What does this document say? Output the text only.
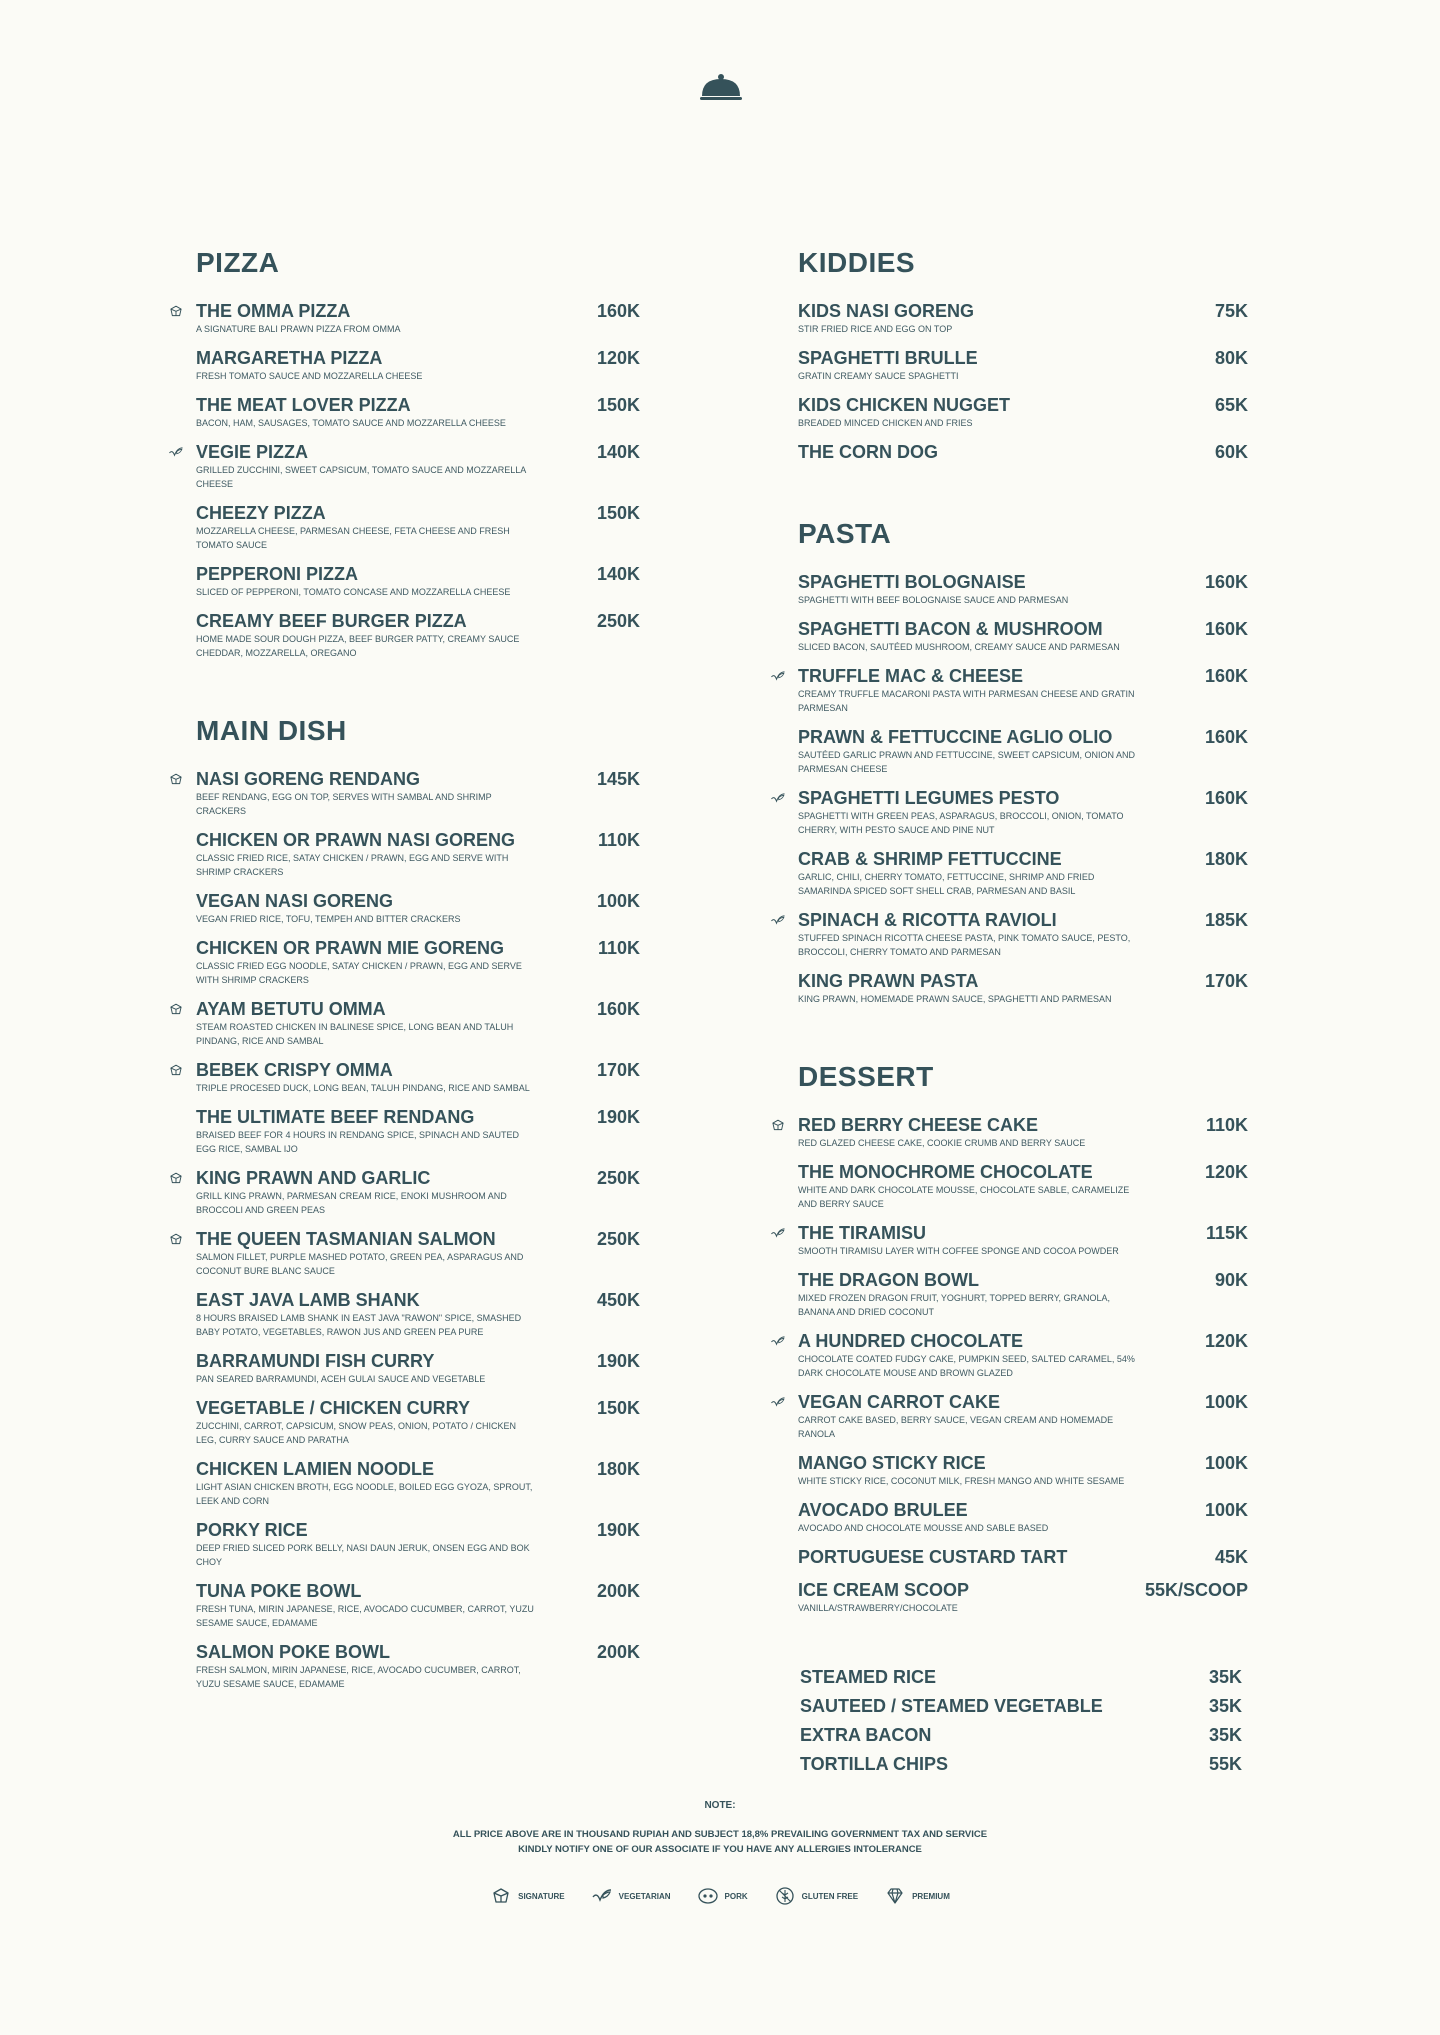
PIZZA
THE OMMA PIZZA	160K
A SIGNATURE BALI PRAWN PIZZA FROM OMMA
MARGARETHA PIZZA	120K
FRESH TOMATO SAUCE AND MOZZARELLA CHEESE
THE MEAT LOVER PIZZA	150K
BACON, HAM, SAUSAGES, TOMATO SAUCE AND MOZZARELLA CHEESE
VEGIE PIZZA	140K
GRILLED ZUCCHINI, SWEET CAPSICUM, TOMATO SAUCE AND MOZZARELLA CHEESE
CHEEZY PIZZA	150K
MOZZARELLA CHEESE, PARMESAN CHEESE, FETA CHEESE AND FRESH TOMATO SAUCE
PEPPERONI PIZZA	140K
SLICED OF PEPPERONI, TOMATO CONCASE AND MOZZARELLA CHEESE
CREAMY BEEF BURGER PIZZA	250K
HOME MADE SOUR DOUGH PIZZA, BEEF BURGER PATTY, CREAMY SAUCE CHEDDAR, MOZZARELLA, OREGANO
MAIN DISH
NASI GORENG RENDANG	145K
BEEF RENDANG, EGG ON TOP, SERVES WITH SAMBAL AND SHRIMP CRACKERS
CHICKEN OR PRAWN NASI GORENG	110K
CLASSIC FRIED RICE, SATAY CHICKEN / PRAWN, EGG AND SERVE WITH SHRIMP CRACKERS
VEGAN NASI GORENG	100K
VEGAN FRIED RICE, TOFU, TEMPEH AND BITTER CRACKERS
CHICKEN OR PRAWN MIE GORENG	110K
CLASSIC FRIED EGG NOODLE, SATAY CHICKEN / PRAWN, EGG AND SERVE WITH SHRIMP CRACKERS
AYAM BETUTU OMMA	160K
STEAM ROASTED CHICKEN IN BALINESE SPICE, LONG BEAN AND TALUH PINDANG, RICE AND SAMBAL
BEBEK CRISPY OMMA	170K
TRIPLE PROCESED DUCK, LONG BEAN, TALUH PINDANG, RICE AND SAMBAL
THE ULTIMATE BEEF RENDANG	190K
BRAISED BEEF FOR 4 HOURS IN RENDANG SPICE, SPINACH AND SAUTED EGG RICE, SAMBAL IJO
KING PRAWN AND GARLIC	250K
GRILL KING PRAWN, PARMESAN CREAM RICE, ENOKI MUSHROOM AND BROCCOLI AND GREEN PEAS
THE QUEEN TASMANIAN SALMON	250K
SALMON FILLET, PURPLE MASHED POTATO, GREEN PEA, ASPARAGUS AND COCONUT BURE BLANC SAUCE
EAST JAVA LAMB SHANK	450K
8 HOURS BRAISED LAMB SHANK IN EAST JAVA "RAWON" SPICE, SMASHED BABY POTATO, VEGETABLES, RAWON JUS AND GREEN PEA PURE
BARRAMUNDI FISH CURRY	190K
PAN SEARED BARRAMUNDI, ACEH GULAI SAUCE AND VEGETABLE
VEGETABLE / CHICKEN CURRY	150K
ZUCCHINI, CARROT, CAPSICUM, SNOW PEAS, ONION, POTATO / CHICKEN LEG, CURRY SAUCE AND PARATHA
CHICKEN LAMIEN NOODLE	180K
LIGHT ASIAN CHICKEN BROTH, EGG NOODLE, BOILED EGG GYOZA, SPROUT, LEEK AND CORN
PORKY RICE	190K
DEEP FRIED SLICED PORK BELLY, NASI DAUN JERUK, ONSEN EGG AND BOK CHOY
TUNA POKE BOWL	200K
FRESH TUNA, MIRIN JAPANESE, RICE, AVOCADO CUCUMBER, CARROT, YUZU SESAME SAUCE, EDAMAME
SALMON POKE BOWL	200K
FRESH SALMON, MIRIN JAPANESE, RICE, AVOCADO CUCUMBER, CARROT, YUZU SESAME SAUCE, EDAMAME
KIDDIES
KIDS NASI GORENG	75K
STIR FRIED RICE AND EGG ON TOP
SPAGHETTI BRULLE	80K
GRATIN CREAMY SAUCE SPAGHETTI
KIDS CHICKEN NUGGET	65K
BREADED MINCED CHICKEN AND FRIES
THE CORN DOG	60K
PASTA
SPAGHETTI BOLOGNAISE	160K
SPAGHETTI WITH BEEF BOLOGNAISE SAUCE AND PARMESAN
SPAGHETTI BACON & MUSHROOM	160K
SLICED BACON, SAUTÉED MUSHROOM, CREAMY SAUCE AND PARMESAN
TRUFFLE MAC & CHEESE	160K
CREAMY TRUFFLE MACARONI PASTA WITH PARMESAN CHEESE AND GRATIN PARMESAN
PRAWN & FETTUCCINE AGLIO OLIO	160K
SAUTÉED GARLIC PRAWN AND FETTUCCINE, SWEET CAPSICUM, ONION AND PARMESAN CHEESE
SPAGHETTI LEGUMES PESTO	160K
SPAGHETTI WITH GREEN PEAS, ASPARAGUS, BROCCOLI, ONION, TOMATO CHERRY, WITH PESTO SAUCE AND PINE NUT
CRAB & SHRIMP FETTUCCINE	180K
GARLIC, CHILI, CHERRY TOMATO, FETTUCCINE, SHRIMP AND FRIED SAMARINDA SPICED SOFT SHELL CRAB, PARMESAN AND BASIL
SPINACH & RICOTTA RAVIOLI	185K
STUFFED SPINACH RICOTTA CHEESE PASTA, PINK TOMATO SAUCE, PESTO, BROCCOLI, CHERRY TOMATO AND PARMESAN
KING PRAWN PASTA	170K
KING PRAWN, HOMEMADE PRAWN SAUCE, SPAGHETTI AND PARMESAN
DESSERT
RED BERRY CHEESE CAKE	110K
RED GLAZED CHEESE CAKE, COOKIE CRUMB AND BERRY SAUCE
THE MONOCHROME CHOCOLATE	120K
WHITE AND DARK CHOCOLATE MOUSSE, CHOCOLATE SABLE, CARAMELIZE AND BERRY SAUCE
THE TIRAMISU	115K
SMOOTH TIRAMISU LAYER WITH COFFEE SPONGE AND COCOA POWDER
THE DRAGON BOWL	90K
MIXED FROZEN DRAGON FRUIT, YOGHURT, TOPPED BERRY, GRANOLA, BANANA AND DRIED COCONUT
A HUNDRED CHOCOLATE	120K
CHOCOLATE COATED FUDGY CAKE, PUMPKIN SEED, SALTED CARAMEL, 54% DARK CHOCOLATE MOUSE AND BROWN GLAZED
VEGAN CARROT CAKE	100K
CARROT CAKE BASED, BERRY SAUCE, VEGAN CREAM AND HOMEMADE RANOLA
MANGO STICKY RICE	100K
WHITE STICKY RICE, COCONUT MILK, FRESH MANGO AND WHITE SESAME
AVOCADO BRULEE	100K
AVOCADO AND CHOCOLATE MOUSSE AND SABLE BASED
PORTUGUESE CUSTARD TART	45K
ICE CREAM SCOOP	55K/SCOOP
VANILLA/STRAWBERRY/CHOCOLATE
STEAMED RICE	35K
SAUTEED / STEAMED VEGETABLE	35K
EXTRA BACON	35K
TORTILLA CHIPS	55K
NOTE:
ALL PRICE ABOVE ARE IN THOUSAND RUPIAH AND SUBJECT 18,8% PREVAILING GOVERNMENT TAX AND SERVICE
KINDLY NOTIFY ONE OF OUR ASSOCIATE IF YOU HAVE ANY ALLERGIES INTOLERANCE
SIGNATURE	VEGETARIAN	PORK	GLUTEN FREE	PREMIUM
